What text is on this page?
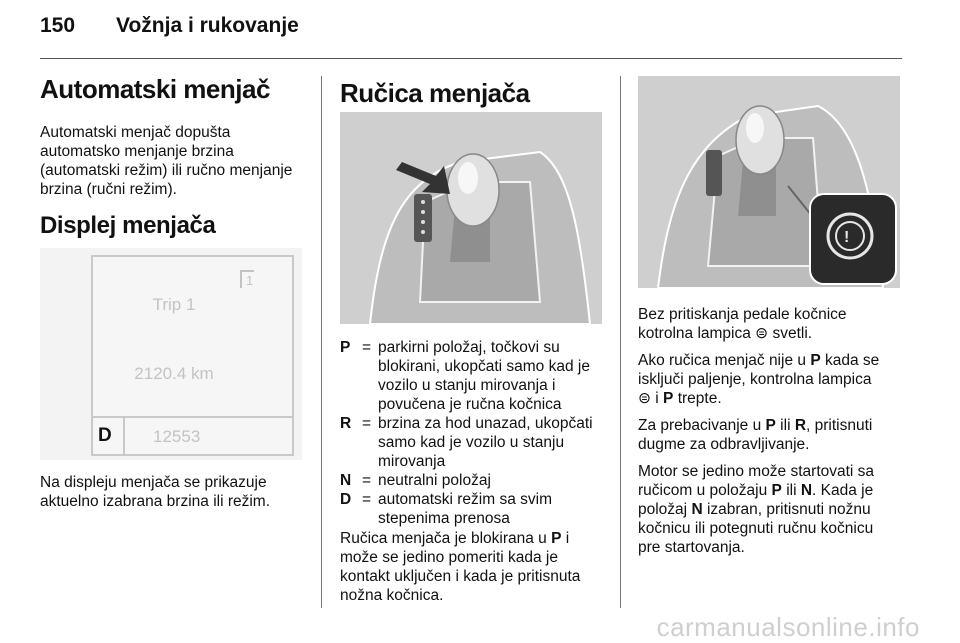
150 Vožnja i rukovanje
Automatski menjač

Automatski menjač dopušta

automatsko menjanje brzina

(automatski režim) ili ručno menjanje

brzina (ručni režim).

Displej menjača
1
Trip 1
2120.4 km
D 12553

Na displeju menjača se prikazuje

aktuelno izabrana brzina ili režim.

Ručica menjača
P = parkirni položaj, točkovi su
blokirani, ukopčati samo kad je
vozilo u stanju mirovanja i
povučena je ručna kočnica
R = brzina za hod unazad, ukopčati
samo kad je vozilo u stanju
mirovanja
N = neutralni položaj
D = automatski režim sa svim
stepenima prenosa

Ručica menjača je blokirana u P i

može se jedino pomeriti kada je

kontakt uključen i kada je pritisnuta

nožna kočnica.

!
Bez pritiskanja pedale kočnice
kotrolna lampica ⊜ svetli.
Ako ručica menjač nije u P kada se
isključi paljenje, kontrolna lampica
⊜ i P trepte.
Za prebacivanje u P ili R, pritisnuti
dugme za odbravljivanje.
Motor se jedino može startovati sa
ručicom u položaju P ili N. Kada je
položaj N izabran, pritisnuti nožnu
kočnicu ili potegnuti ručnu kočnicu
pre startovanja.
carmanualsonline.info
